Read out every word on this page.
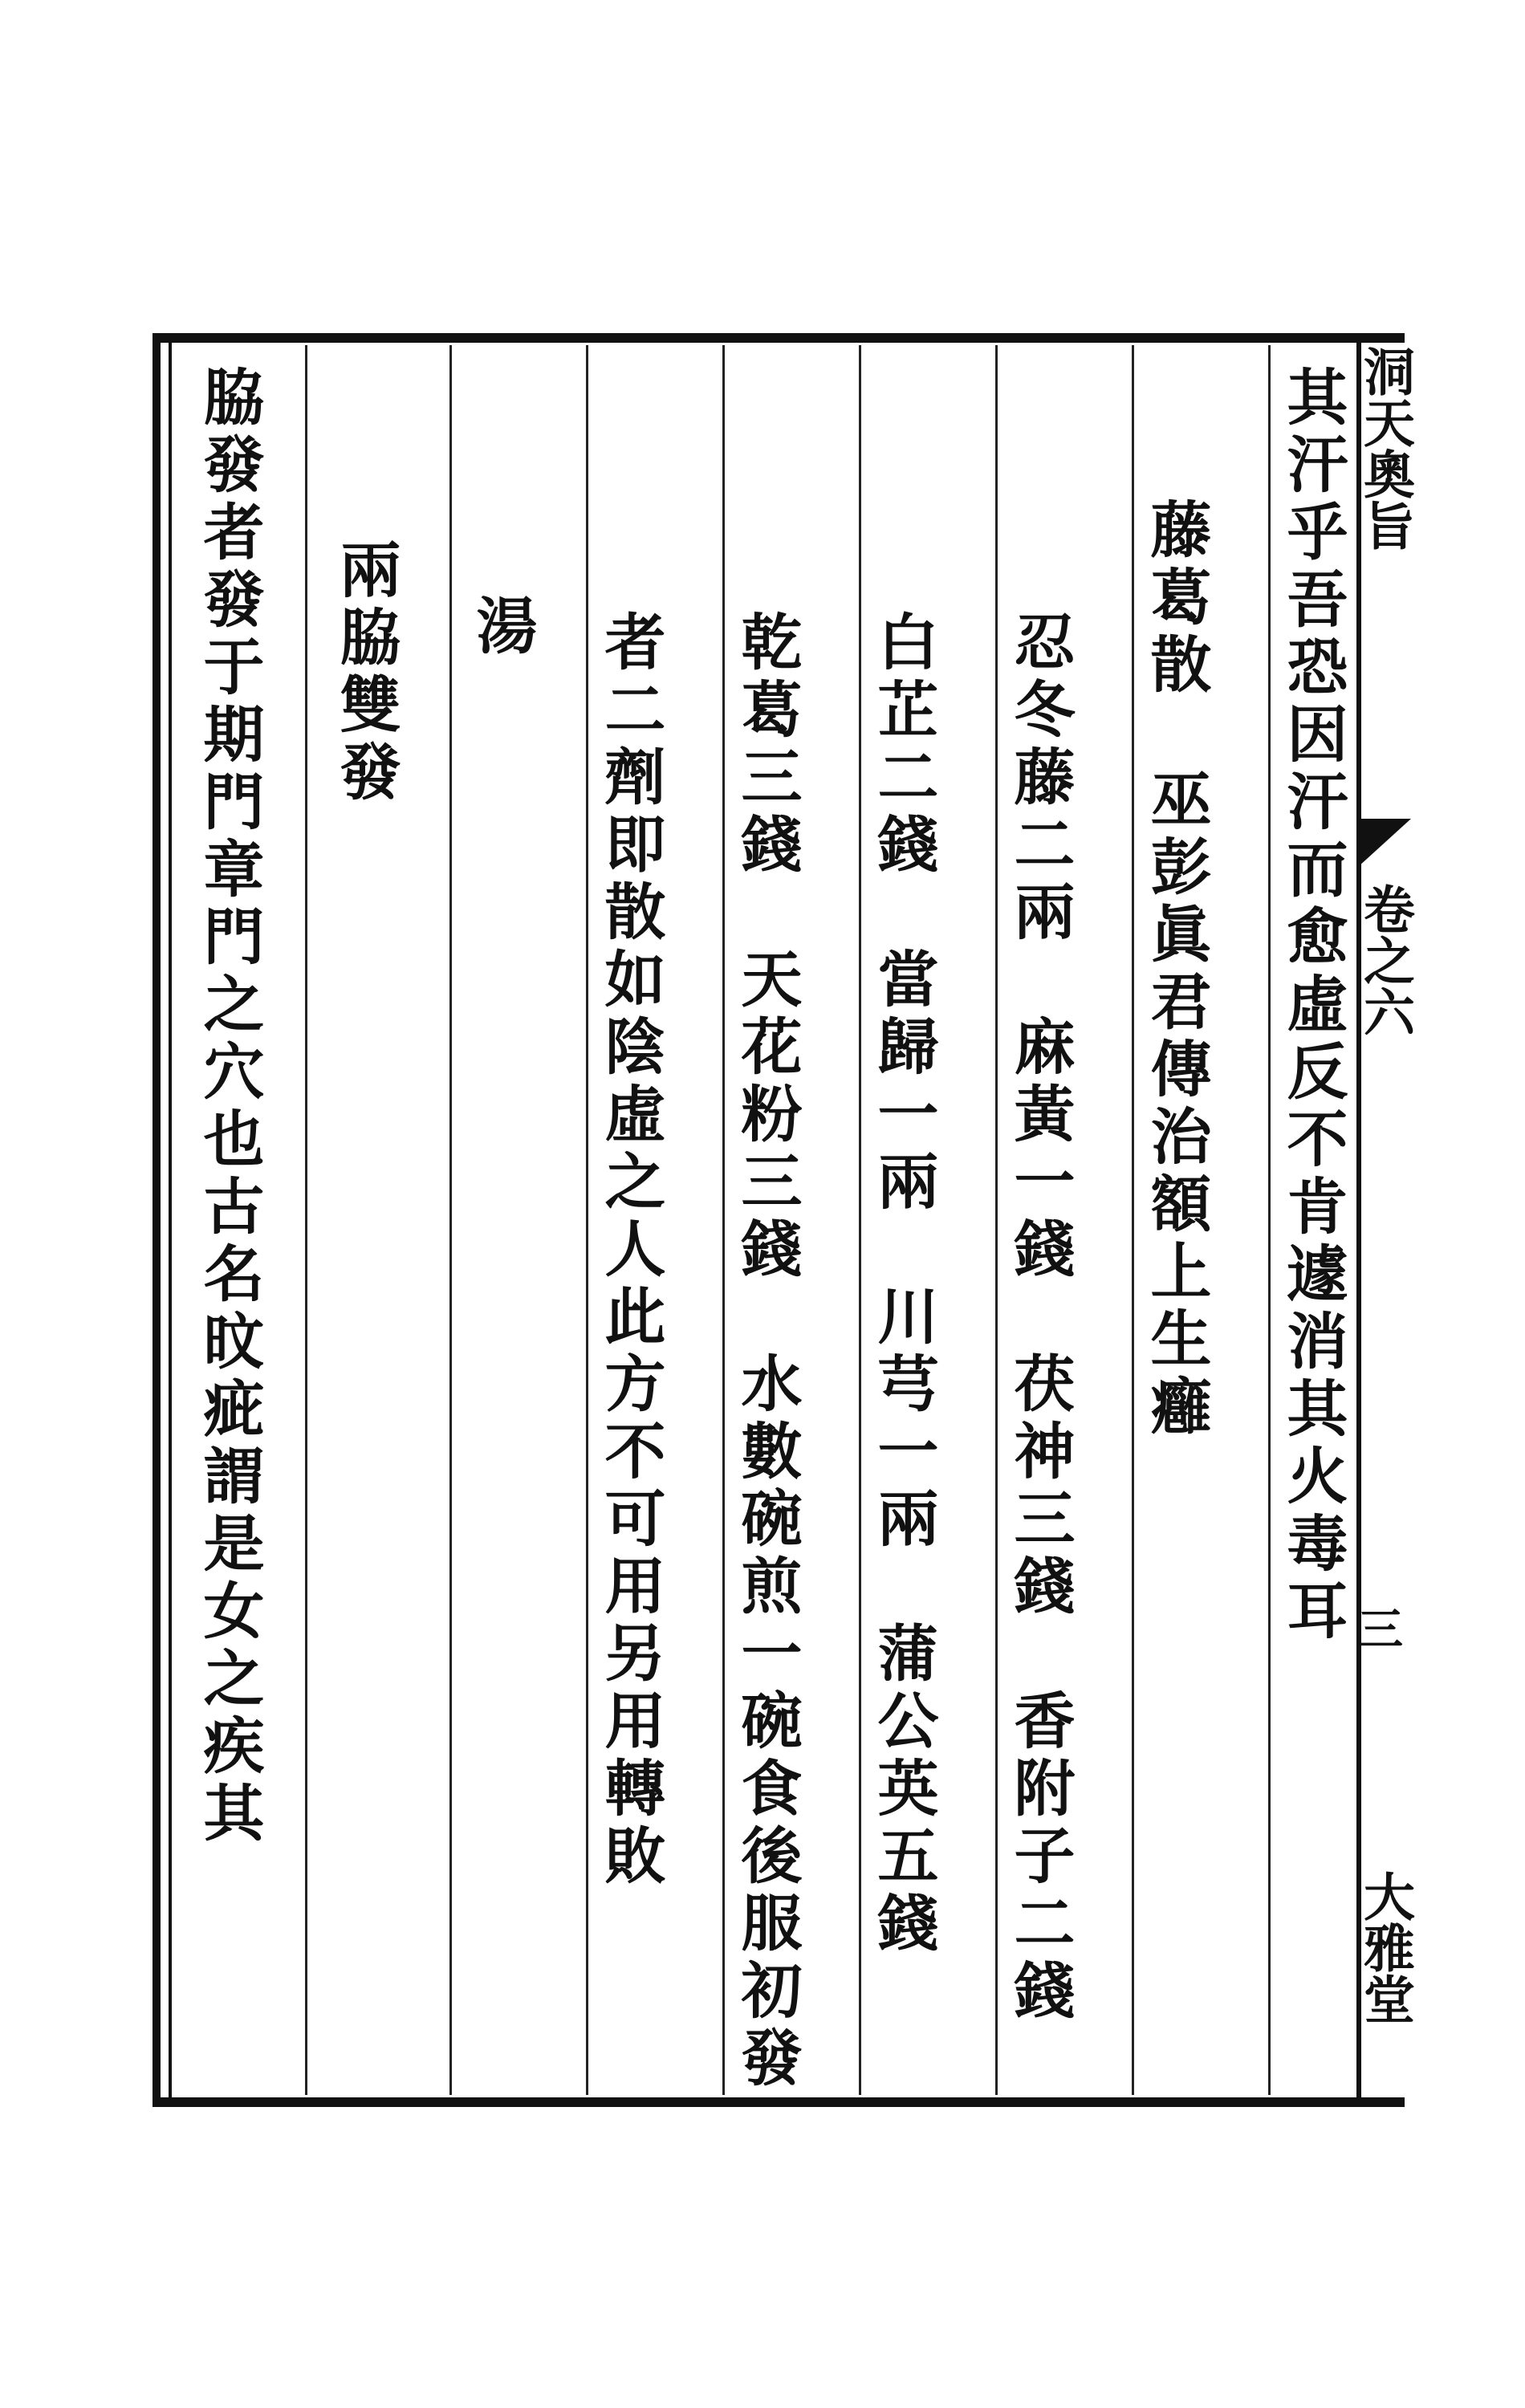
洞天奧旨
卷之六
三
大雅堂
其汗乎吾恐因汗而愈虛反不肯遽消其火毒耳
藤葛散　巫彭眞君傳治額上生癰
忍冬藤二兩　麻黃一錢　茯神三錢　香附子二錢
白芷二錢　當歸一兩　川芎一兩　蒲公英五錢
乾葛三錢　天花粉三錢　水數碗煎一碗食後服初發
者二劑即散如陰虛之人此方不可用另用轉敗
湯
兩脇雙發
脇發者發于期門章門之穴也古名旼疵謂是女之疾其
